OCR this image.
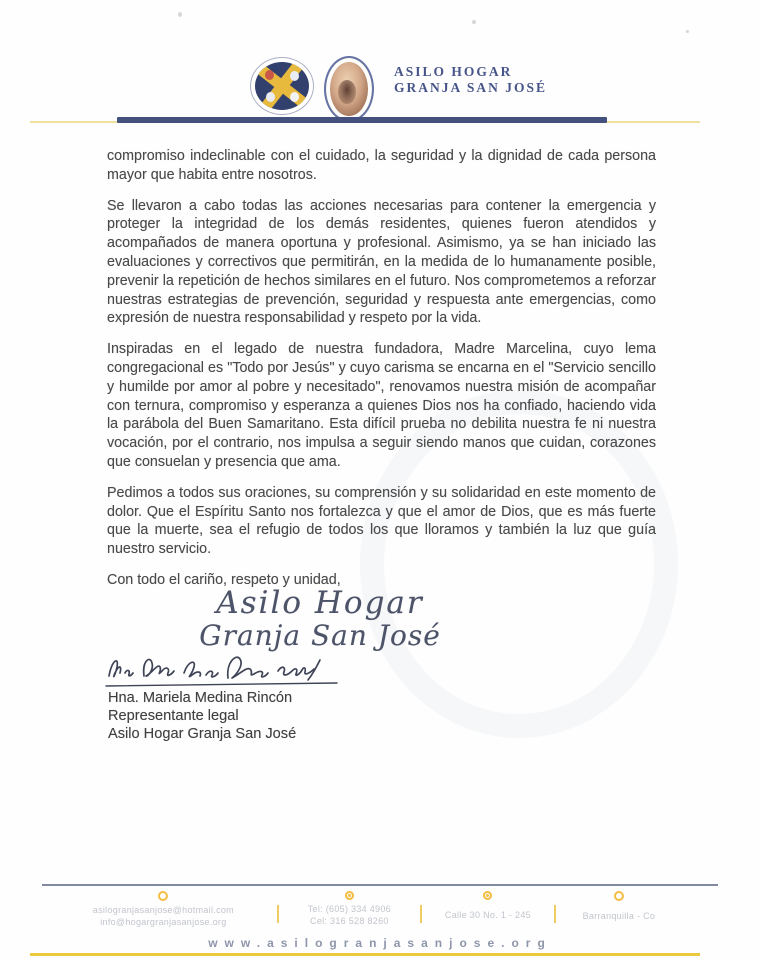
ASILO HOGAR
GRANJA SAN JOSÉ

compromiso indeclinable con el cuidado, la seguridad y la dignidad de cada persona mayor que habita entre nosotros.

Se llevaron a cabo todas las acciones necesarias para contener la emergencia y proteger la integridad de los demás residentes, quienes fueron atendidos y acompañados de manera oportuna y profesional. Asimismo, ya se han iniciado las evaluaciones y correctivos que permitirán, en la medida de lo humanamente posible, prevenir la repetición de hechos similares en el futuro. Nos comprometemos a reforzar nuestras estrategias de prevención, seguridad y respuesta ante emergencias, como expresión de nuestra responsabilidad y respeto por la vida.

Inspiradas en el legado de nuestra fundadora, Madre Marcelina, cuyo lema congregacional es "Todo por Jesús" y cuyo carisma se encarna en el "Servicio sencillo y humilde por amor al pobre y necesitado", renovamos nuestra misión de acompañar con ternura, compromiso y esperanza a quienes Dios nos ha confiado, haciendo vida la parábola del Buen Samaritano. Esta difícil prueba no debilita nuestra fe ni nuestra vocación, por el contrario, nos impulsa a seguir siendo manos que cuidan, corazones que consuelan y presencia que ama.

Pedimos a todos sus oraciones, su comprensión y su solidaridad en este momento de dolor. Que el Espíritu Santo nos fortalezca y que el amor de Dios, que es más fuerte que la muerte, sea el refugio de todos los que lloramos y también la luz que guía nuestro servicio.

Con todo el cariño, respeto y unidad,

Asilo Hogar
Granja San José
Hna. Mariela Medina Rincón
Representante legal
Asilo Hogar Granja San José
asilogranjasanjose@hotmail.com
info@hogargranjasanjose.org
Tel: (605) 334 4906
Cel: 316 528 8260
Calle 30 No. 1 - 245	Barranquilla - Co
www.asilogranjasanjose.org
